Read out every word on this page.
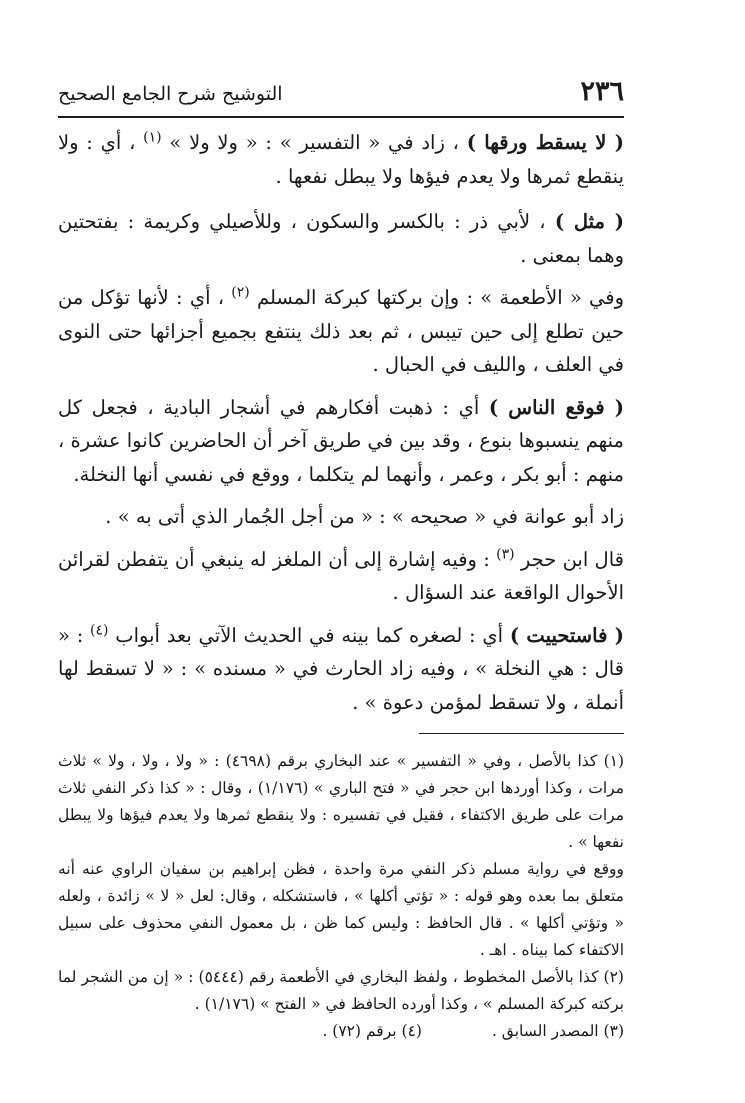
٢٣٦
التوشيح شرح الجامع الصحيح

( لا يسقط ورقها ) ، زاد في « التفسير » : « ولا ولا » $^{(١)}$ ، أي : ولا ينقطع ثمرها ولا يعدم فيؤها ولا يبطل نفعها .

( مثل ) ، لأبي ذر : بالكسر والسكون ، وللأصيلي وكريمة : بفتحتين وهما بمعنى .

وفي « الأطعمة » : وإن بركتها كبركة المسلم $^{(٢)}$ ، أي : لأنها تؤكل من حين تطلع إلى حين تيبس ، ثم بعد ذلك ينتفع بجميع أجزائها حتى النوى في العلف ، والليف في الحبال .

( فوقع الناس ) أي : ذهبت أفكارهم في أشجار البادية ، فجعل كل منهم ينسبوها بنوع ، وقد بين في طريق آخر أن الحاضرين كانوا عشرة ، منهم : أبو بكر ، وعمر ، وأنهما لم يتكلما ، ووقع في نفسي أنها النخلة.

زاد أبو عوانة في « صحيحه » : « من أجل الجُمار الذي أتى به » .

قال ابن حجر $^{(٣)}$ : وفيه إشارة إلى أن الملغز له ينبغي أن يتفطن لقرائن الأحوال الواقعة عند السؤال .

( فاستحييت ) أي : لصغره كما بينه في الحديث الآتي بعد أبواب $^{(٤)}$ : « قال : هي النخلة » ، وفيه زاد الحارث في « مسنده » : « لا تسقط لها أنملة ، ولا تسقط لمؤمن دعوة » .

(١) كذا بالأصل ، وفي « التفسير » عند البخاري برقم (٤٦٩٨) : « ولا ، ولا ، ولا » ثلاث مرات ، وكذا أوردها ابن حجر في « فتح الباري » (١/١٧٦) ، وقال : « كذا ذكر النفي ثلاث مرات على طريق الاكتفاء ، فقيل في تفسيره : ولا ينقطع ثمرها ولا يعدم فيؤها ولا يبطل نفعها » .

ووقع في رواية مسلم ذكر النفي مرة واحدة ، فظن إبراهيم بن سفيان الراوي عنه أنه متعلق بما بعده وهو قوله : « تؤتي أكلها » ، فاستشكله ، وقال: لعل « لا » زائدة ، ولعله « وتؤتي أكلها » . قال الحافظ : وليس كما ظن ، بل معمول النفي محذوف على سبيل الاكتفاء كما بيناه . اهـ .

(٢) كذا بالأصل المخطوط ، ولفظ البخاري في الأطعمة رقم (٥٤٤٤) : « إن من الشجر لما بركته كبركة المسلم » ، وكذا أورده الحافظ في « الفتح » (١/١٧٦) .

(٣) المصدر السابق .
(٤) برقم (٧٢) .
